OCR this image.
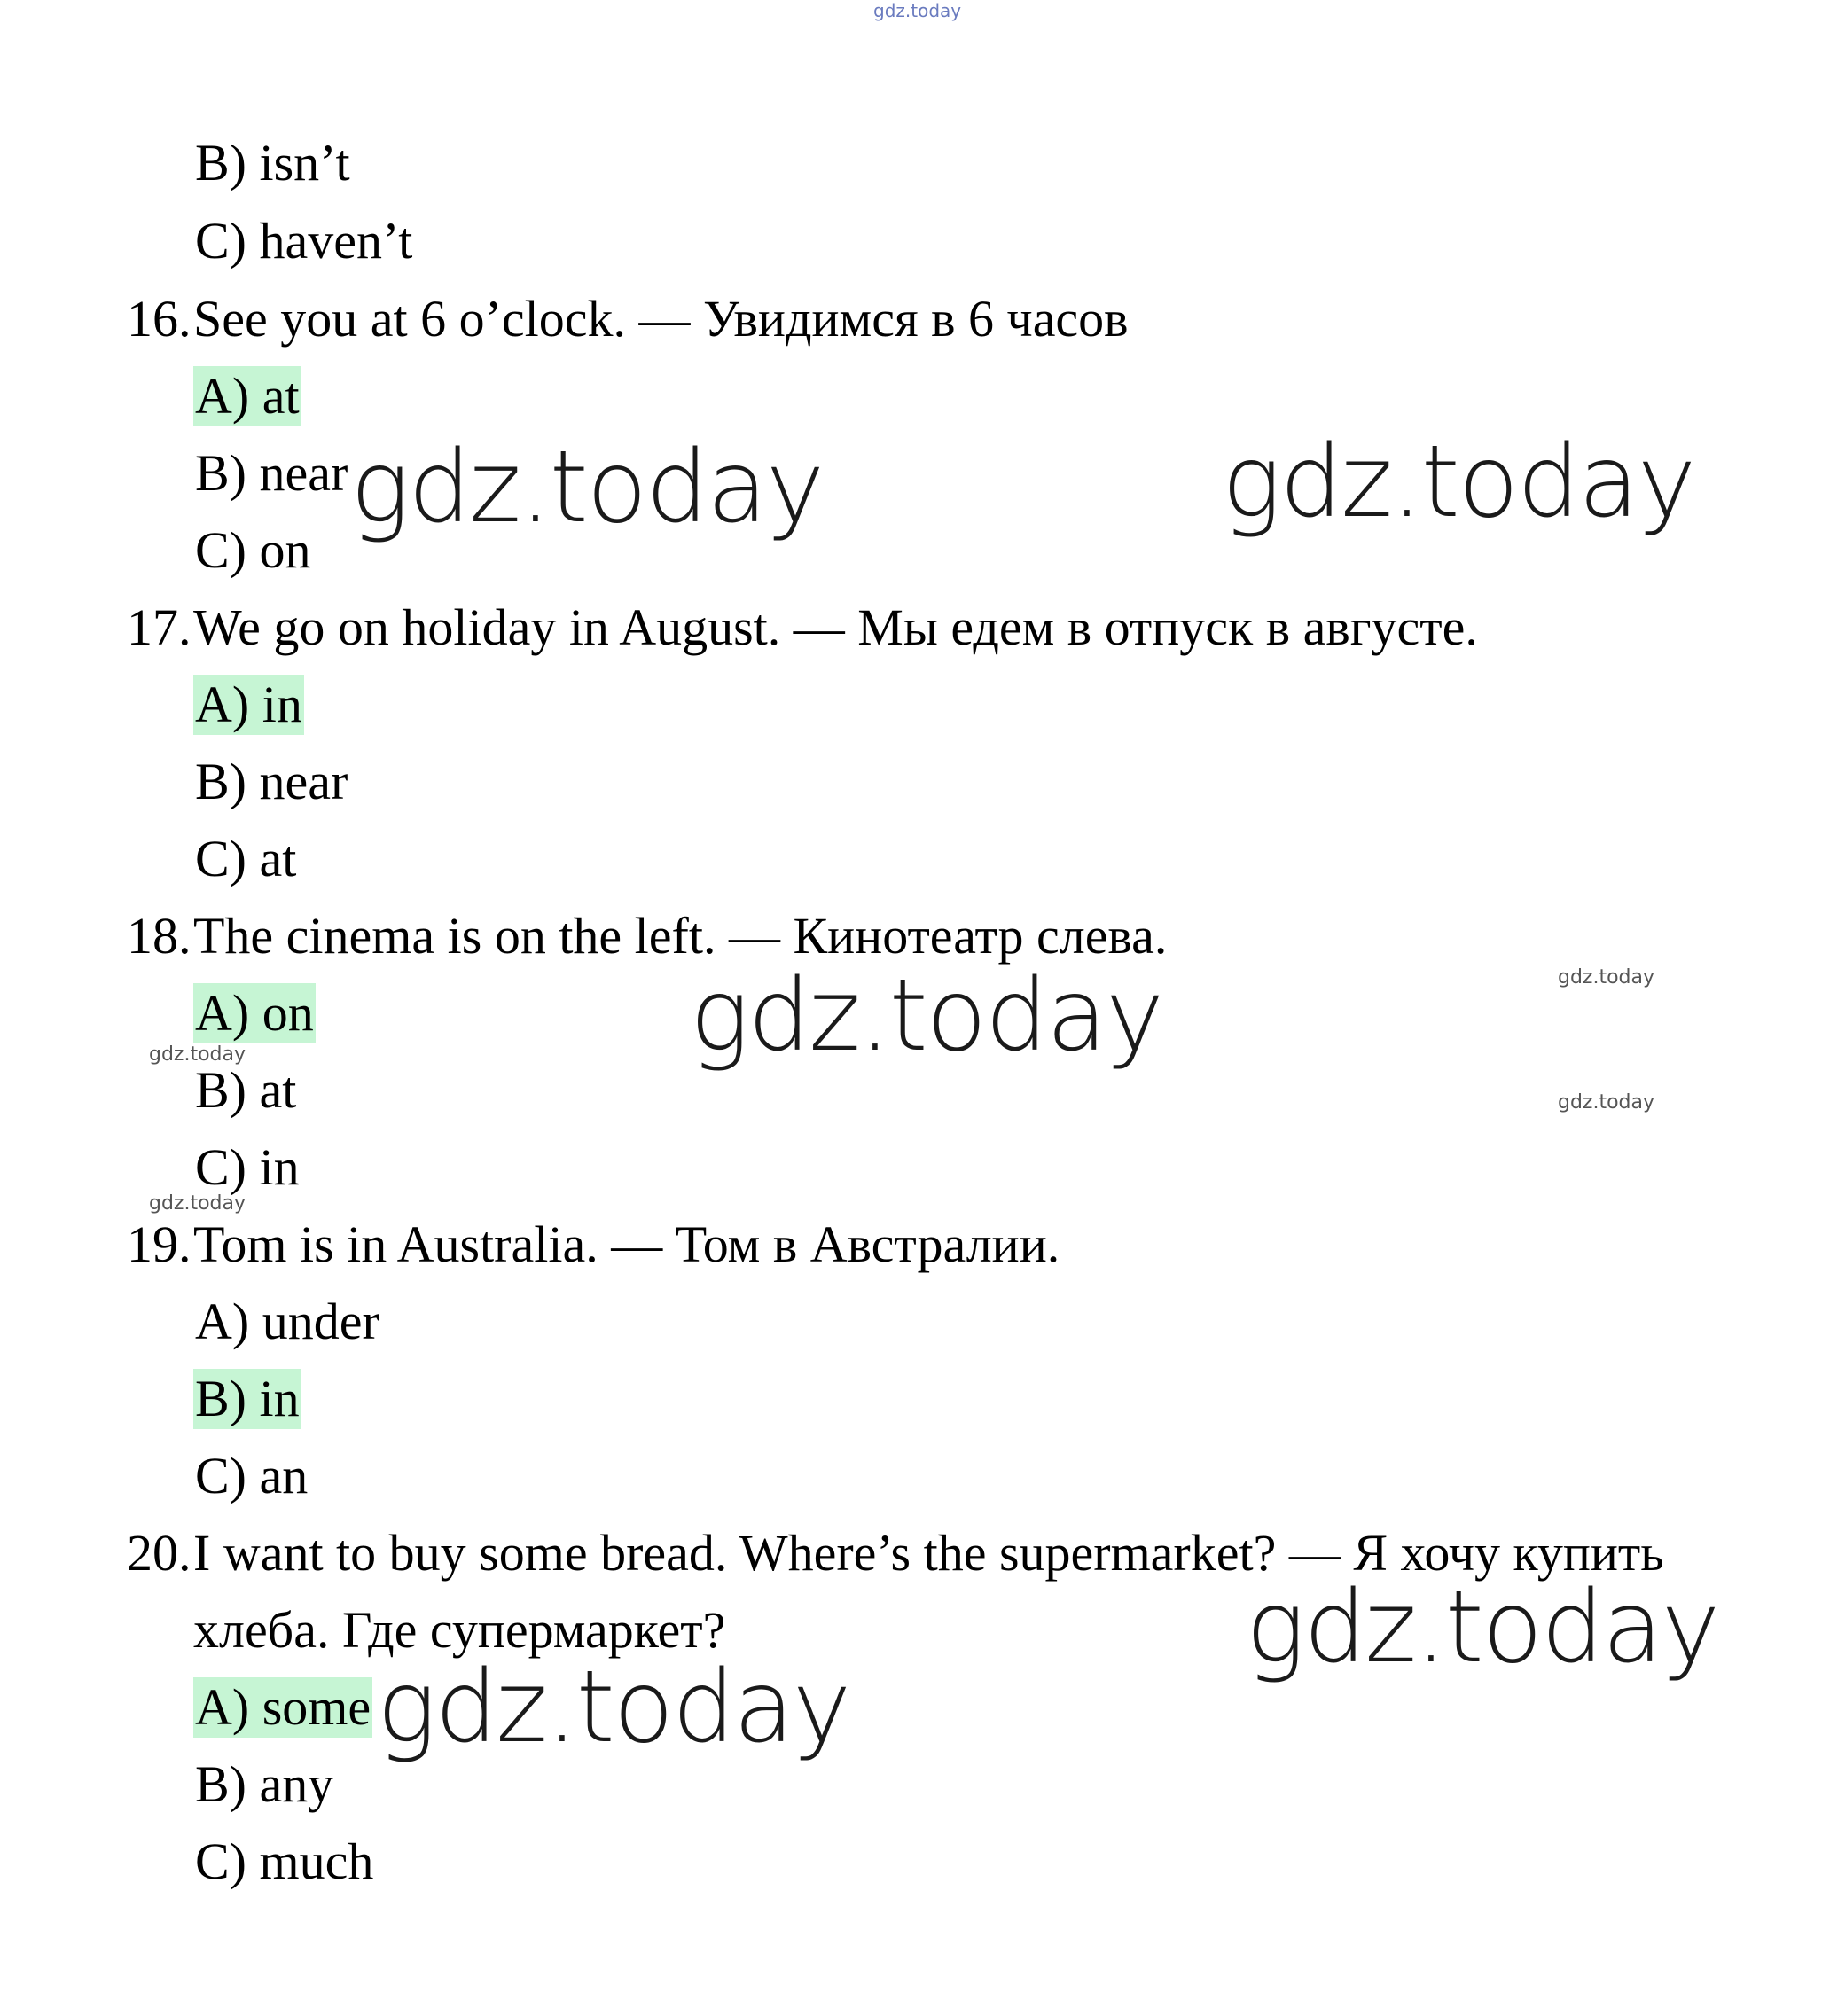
gdz.today
B) isn’t
C) haven’t
16.See you at 6 o’clock. — Увидимся в 6 часов
A) at
B) near
C) on
17.We go on holiday in August. — Мы едем в отпуск в августе.
A) in
B) near
C) at
18.The cinema is on the left. — Кинотеатр слева.
A) on
B) at
C) in
19.Tom is in Australia. — Том в Австралии.
A) under
B) in
C) an
20.I want to buy some bread. Where’s the supermarket? — Я хочу купить
хлеба. Где супермаркет?
A) some
B) any
C) much
gdz.today	gdz.today
gdz.today
gdz.today
gdz.today
gdz.today
gdz.today
gdz.today
gdz.today
